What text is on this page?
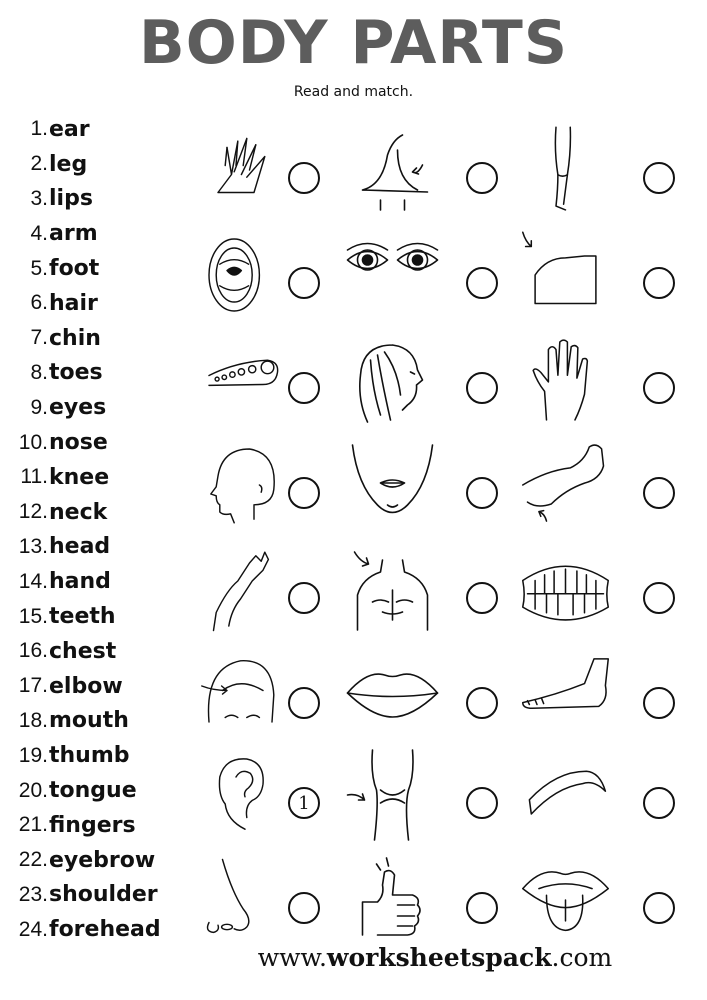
BODY PARTS
Read and match.
1. ear
2. leg
3. lips
4. arm
5. foot
6. hair
7. chin
8. toes
9. eyes
10. nose
11. knee
12. neck
13. head
14. hand
15. teeth
16. chest
17. elbow
18. mouth
19. thumb
20. tongue
21. fingers
22. eyebrow
23. shoulder
24. forehead
1
www.worksheetspack.com
